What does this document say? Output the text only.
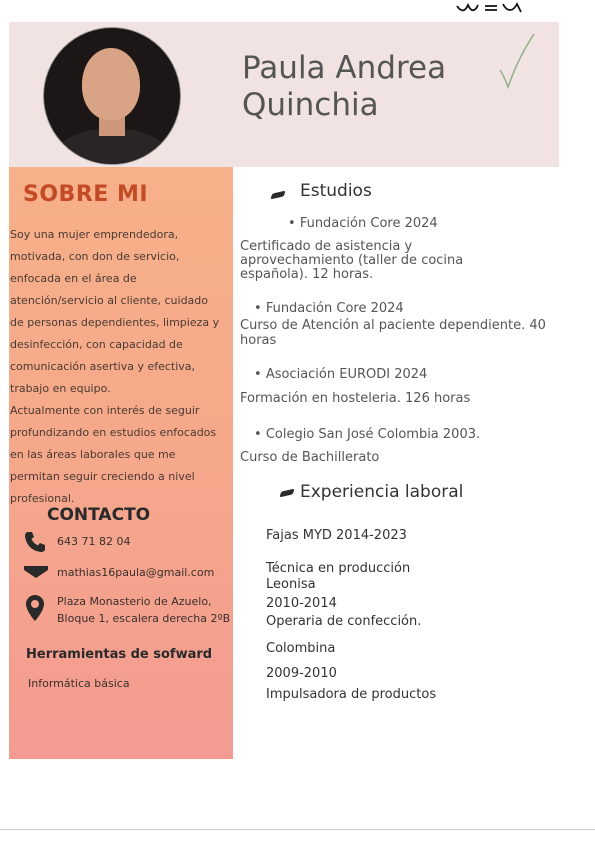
Paula Andrea
Quinchia
SOBRE MI
Soy una mujer emprendedora,
motivada, con don de servicio,
enfocada en el área de
atención/servicio al cliente, cuidado
de personas dependientes, limpieza y
desinfección, con capacidad de
comunicación asertiva y efectiva,
trabajo en equipo.
Actualmente con interés de seguir
profundizando en estudios enfocados
en las áreas laborales que me
permitan seguir creciendo a nivel
profesional.
CONTACTO
643 71 82 04
mathias16paula@gmail.com
Plaza Monasterio de Azuelo,
Bloque 1, escalera derecha 2ºB
Herramientas de sofward
Informática básica
Estudios
• Fundación Core 2024
Certificado de asistencia y
aprovechamiento (taller de cocina
española). 12 horas.
• Fundación Core 2024
Curso de Atención al paciente dependiente. 40
horas
• Asociación EURODI 2024
Formación en hosteleria. 126 horas
• Colegio San José Colombia 2003.
Curso de Bachillerato
Experiencia laboral
Fajas MYD 2014-2023
Técnica en producción
Leonisa
2010-2014
Operaria de confección.
Colombina
2009-2010
Impulsadora de productos
